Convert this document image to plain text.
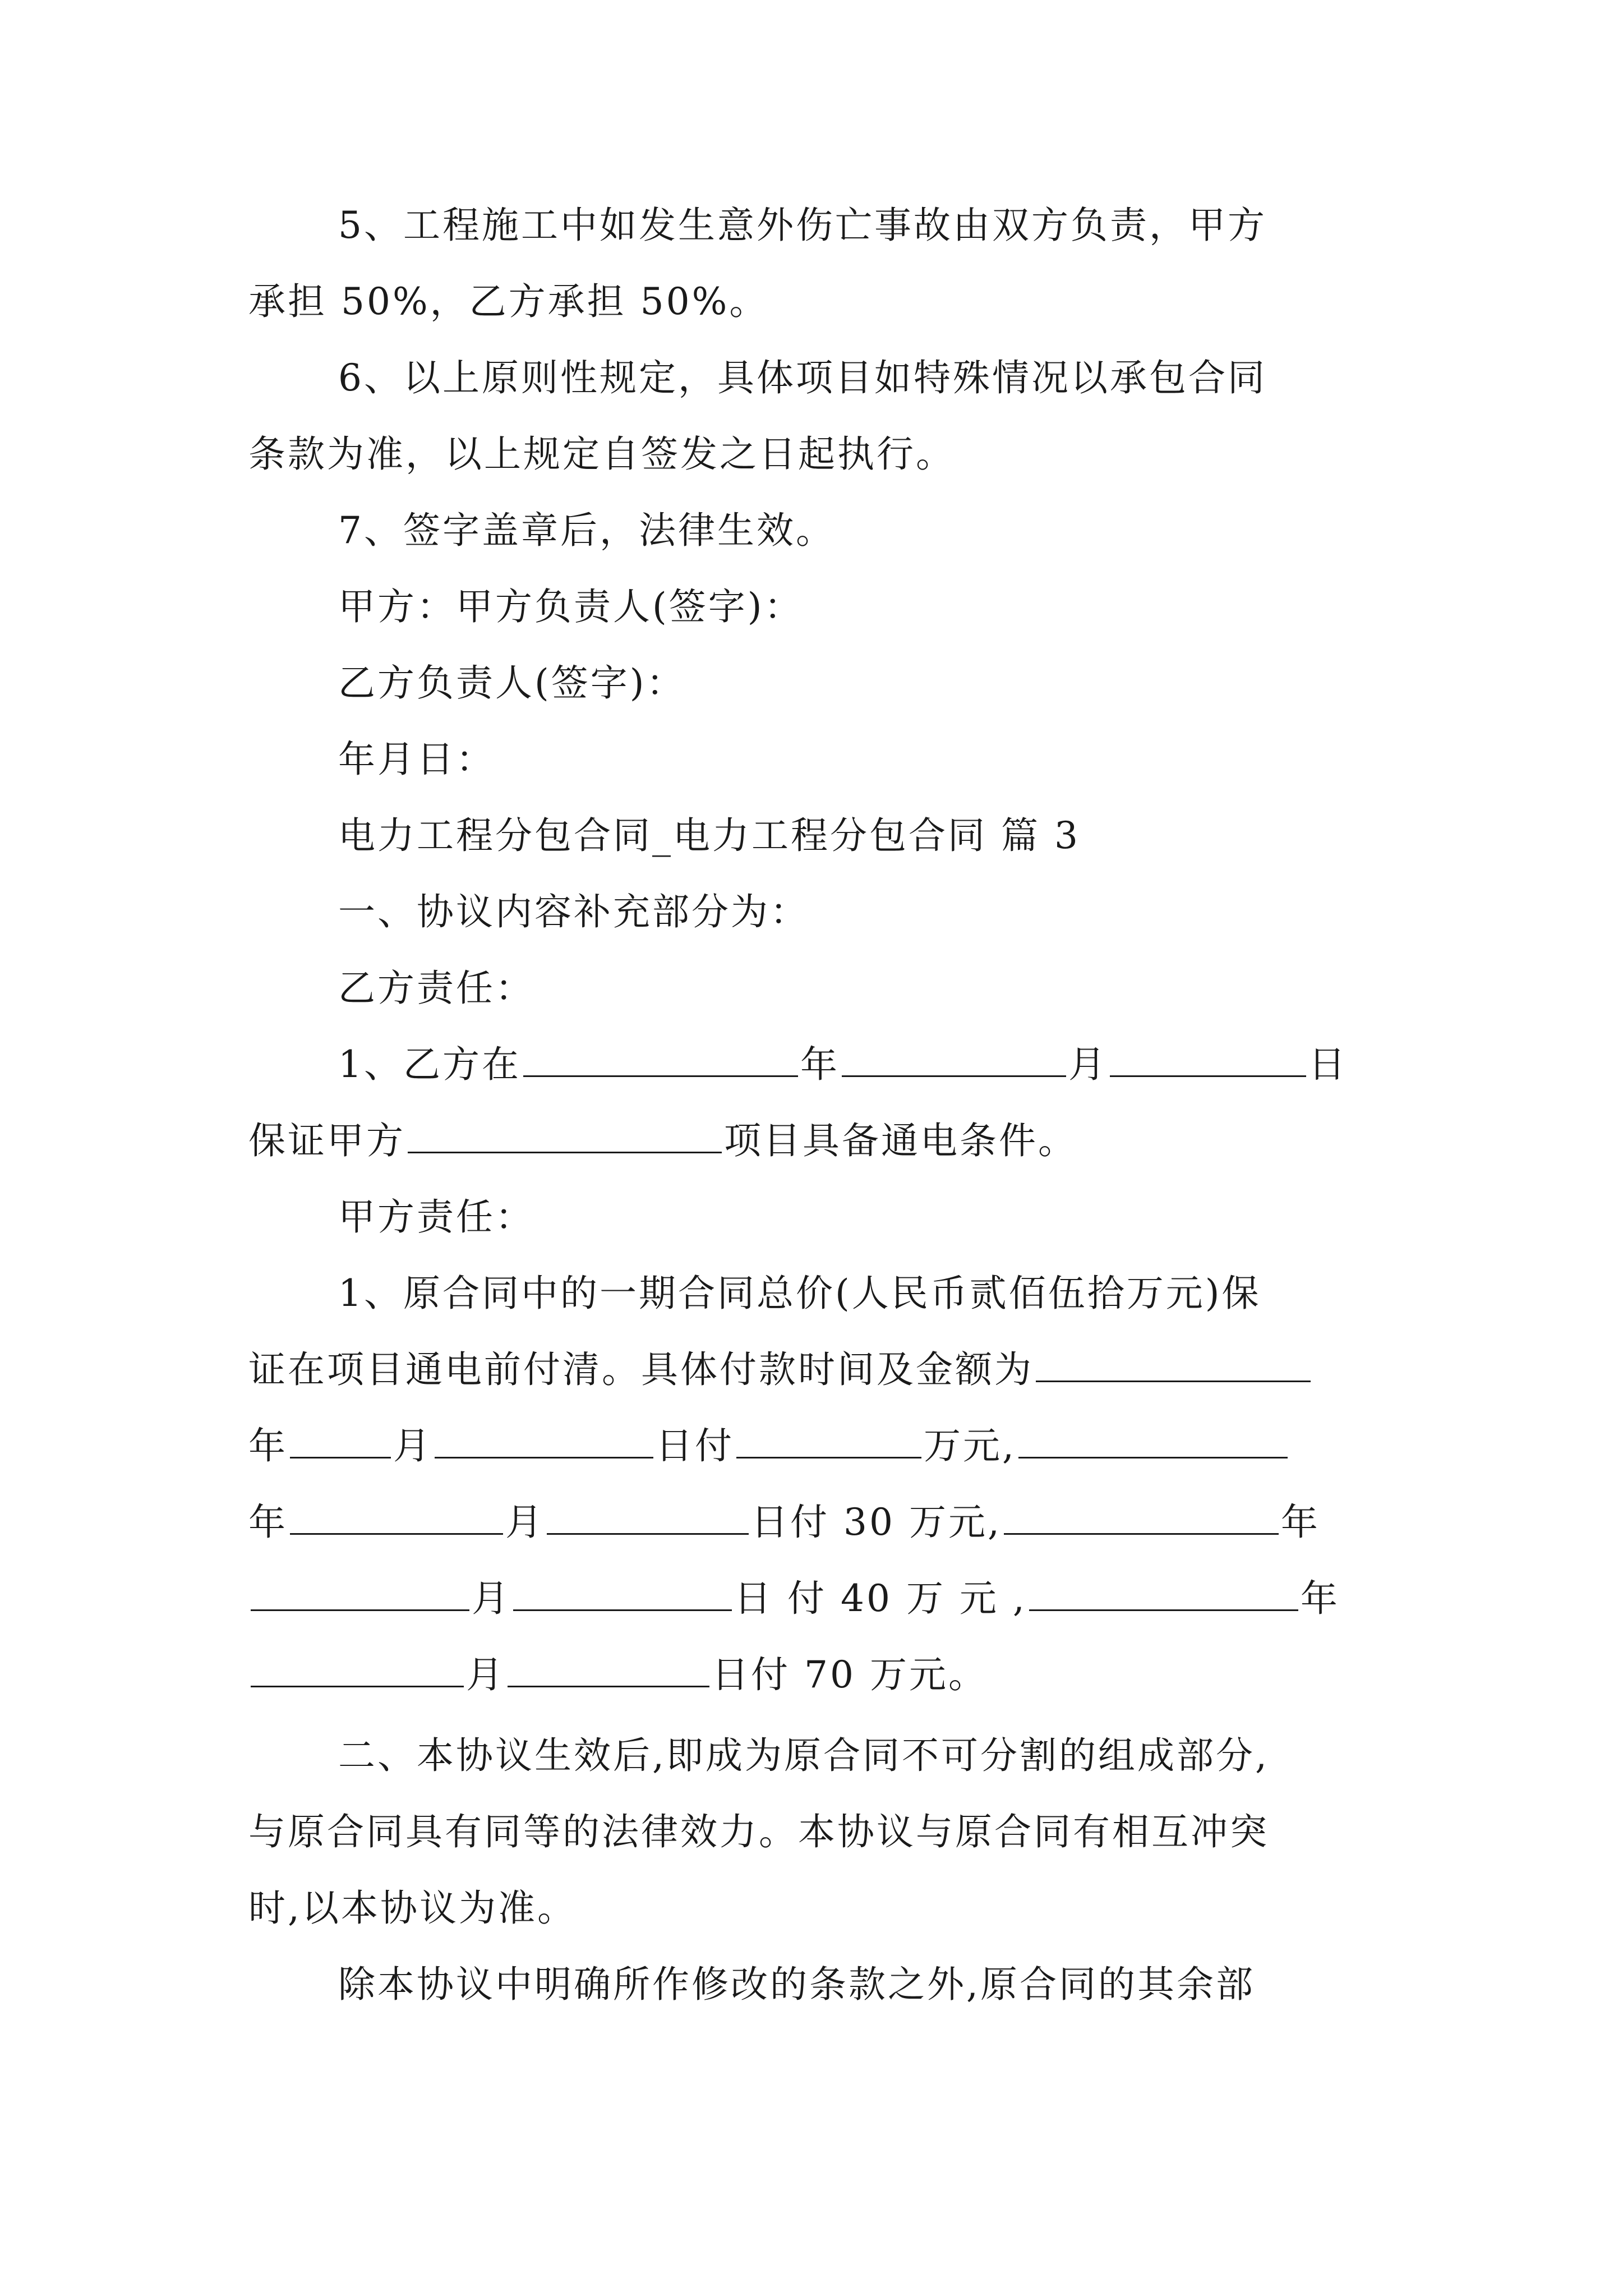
5、工程施工中如发生意外伤亡事故由双方负责，甲方
承担 50%，乙方承担 50%。
6、以上原则性规定，具体项目如特殊情况以承包合同
条款为准，以上规定自签发之日起执行。
7、签字盖章后，法律生效。
甲方：甲方负责人(签字)：
乙方负责人(签字)：
年月日：
电力工程分包合同_电力工程分包合同 篇 3
一、协议内容补充部分为：
乙方责任：
1、乙方在	年	月	日
保证甲方	项目具备通电条件。
甲方责任：
1、原合同中的一期合同总价(人民币贰佰伍拾万元)保
证在项目通电前付清。具体付款时间及金额为
年	月	日付	万元,
年	月	日付 30 万元,	年
月	日 付 40 万 元 ,	年
月	日付 70 万元。
二、本协议生效后,即成为原合同不可分割的组成部分,
与原合同具有同等的法律效力。本协议与原合同有相互冲突
时,以本协议为准。
除本协议中明确所作修改的条款之外,原合同的其余部
